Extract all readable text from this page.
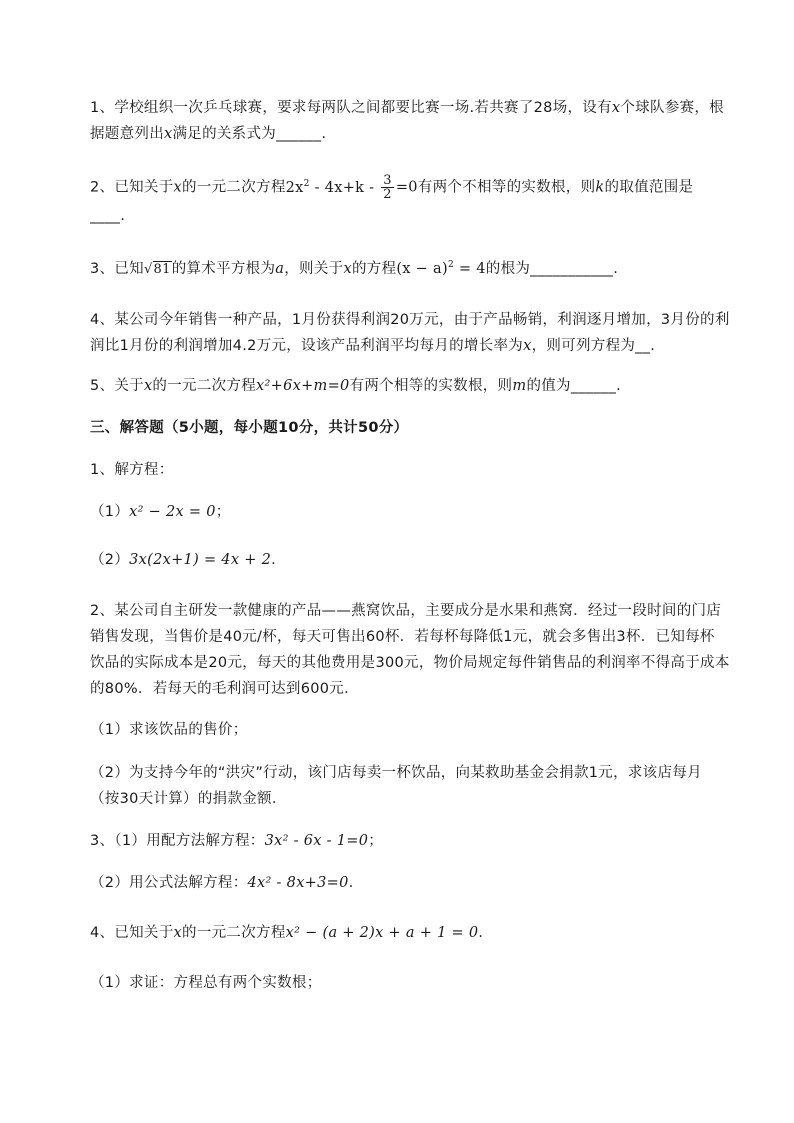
1、学校组织一次乒乓球赛，要求每两队之间都要比赛一场.若共赛了28场，设有x个球队参赛，根
据题意列出x满足的关系式为______.
2、已知关于x的一元二次方程$2x^2 - 4x+k - \frac{3}{2} =0$有两个不相等的实数根，则k的取值范围是
____.
3、已知√81的算术平方根为a，则关于x的方程$(x - a)^2 = 4$的根为___________.
4、某公司今年销售一种产品，1月份获得利润20万元，由于产品畅销，利润逐月增加，3月份的利
润比1月份的利润增加4.2万元，设该产品利润平均每月的增长率为x，则可列方程为__.
5、关于x的一元二次方程x²+6x+m=0有两个相等的实数根，则m的值为______.
三、解答题（5小题，每小题10分，共计50分）
1、解方程：
（1）x² − 2x = 0；
（2）3x(2x+1) = 4x + 2.
2、某公司自主研发一款健康的产品——燕窝饮品，主要成分是水果和燕窝．经过一段时间的门店
销售发现，当售价是40元/杯，每天可售出60杯．若每杯每降低1元，就会多售出3杯．已知每杯
饮品的实际成本是20元，每天的其他费用是300元，物价局规定每件销售品的利润率不得高于成本
的80%．若每天的毛利润可达到600元．
（1）求该饮品的售价；
（2）为支持今年的“洪灾”行动，该门店每卖一杯饮品，向某救助基金会捐款1元，求该店每月
（按30天计算）的捐款金额．
3、（1）用配方法解方程：3x² - 6x - 1=0；
（2）用公式法解方程：4x² - 8x+3=0.
4、已知关于x的一元二次方程x² − (a + 2)x + a + 1 = 0．
（1）求证：方程总有两个实数根；
